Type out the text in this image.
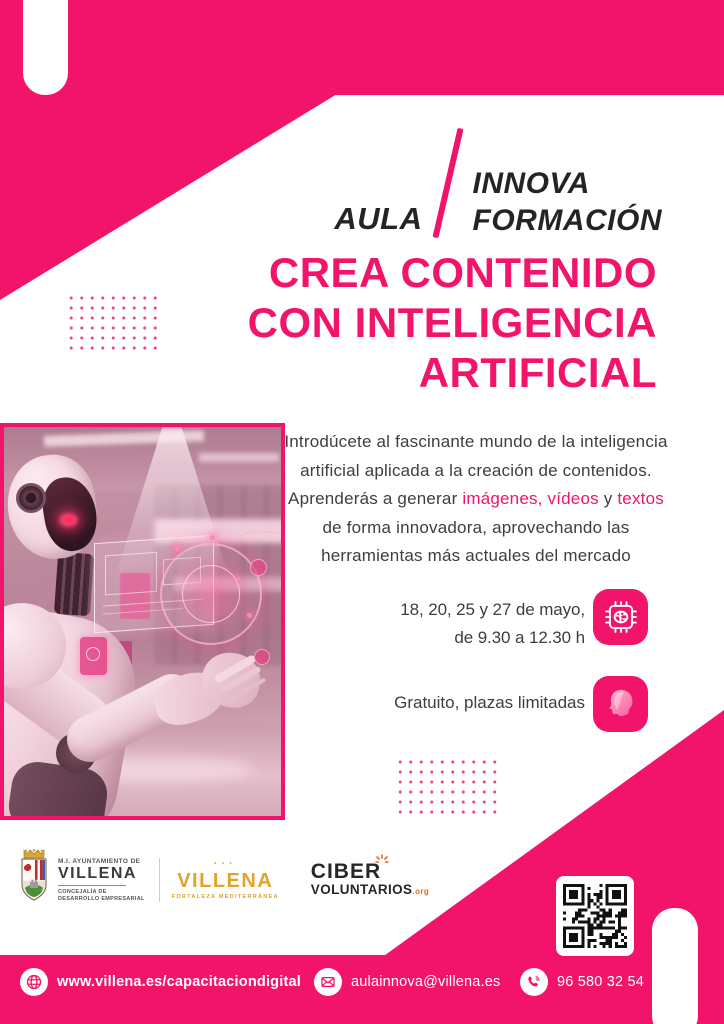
AULA
INNOVA
FORMACIÓN
CREA CONTENIDO
CON INTELIGENCIA
ARTIFICIAL

Introdúcete al fascinante mundo de la inteligencia artificial aplicada a la creación de contenidos. Aprenderás a generar imágenes, vídeos y textos de forma innovadora, aprovechando las herramientas más actuales del mercado

18, 20, 25 y 27 de mayo,
de 9.30 a 12.30 h
Gratuito, plazas limitadas
M.I. AYUNTAMIENTO DE
VILLENA
CONCEJALÍA DE
DESARROLLO EMPRESARIAL
···
VILLENA
FORTALEZA MEDITERRÁNEA
CIBER
VOLUNTARIOS.org
www.villena.es/capacitaciondigital	aulainnova@villena.es	96 580 32 54
